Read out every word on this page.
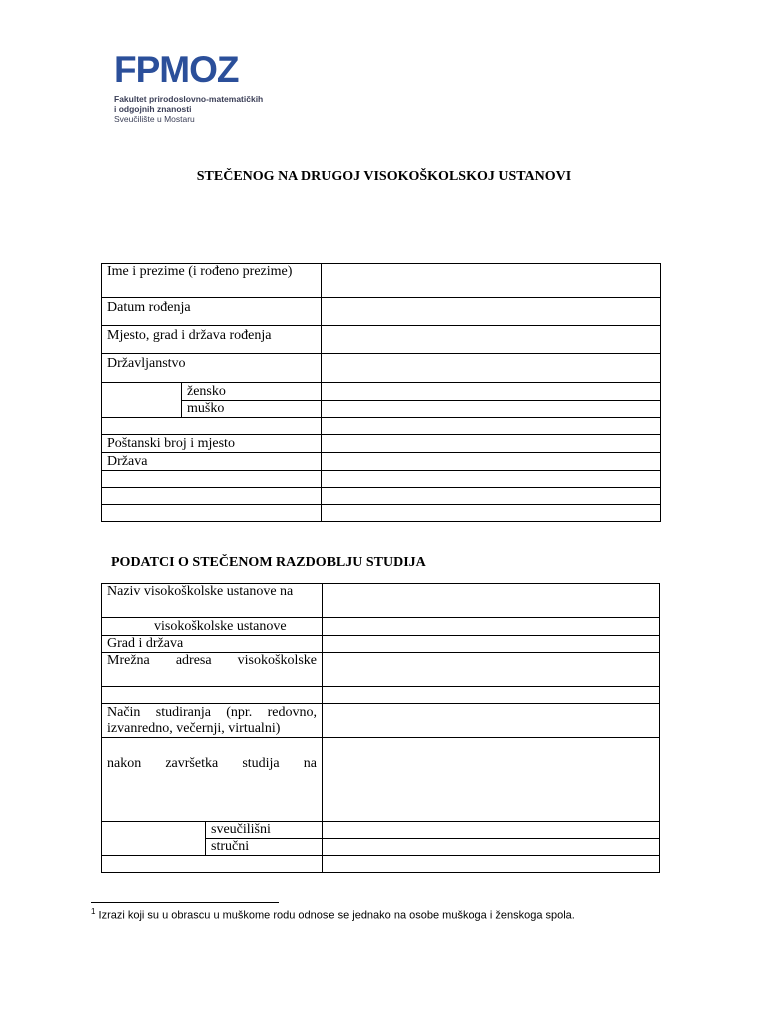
FPMOZ
Fakultet prirodoslovno-matematičkih
i odgojnih znanosti
Sveučilište u Mostaru
STEČENOG NA DRUGOJ VISOKOŠKOLSKOJ USTANOVI
Ime i prezime (i rođeno prezime)		
Datum rođenja		
Mjesto, grad i država rođenja		
Državljanstvo		
	žensko	
	muško	

Poštanski broj i mjesto		
Država		

PODATCI O STEČENOM RAZDOBLJU STUDIJA
Naziv visokoškolske ustanove na		
visokoškolske ustanove		
Grad i država		
Mrežna adresa visokoškolske		

Način studiranja (npr. redovno, izvanredno, večernji, virtualni)		
nakon završetka studija na		
	sveučilišni	
	stručni	

$^1$ Izrazi koji su u obrascu u muškome rodu odnose se jednako na osobe muškoga i ženskoga spola.
